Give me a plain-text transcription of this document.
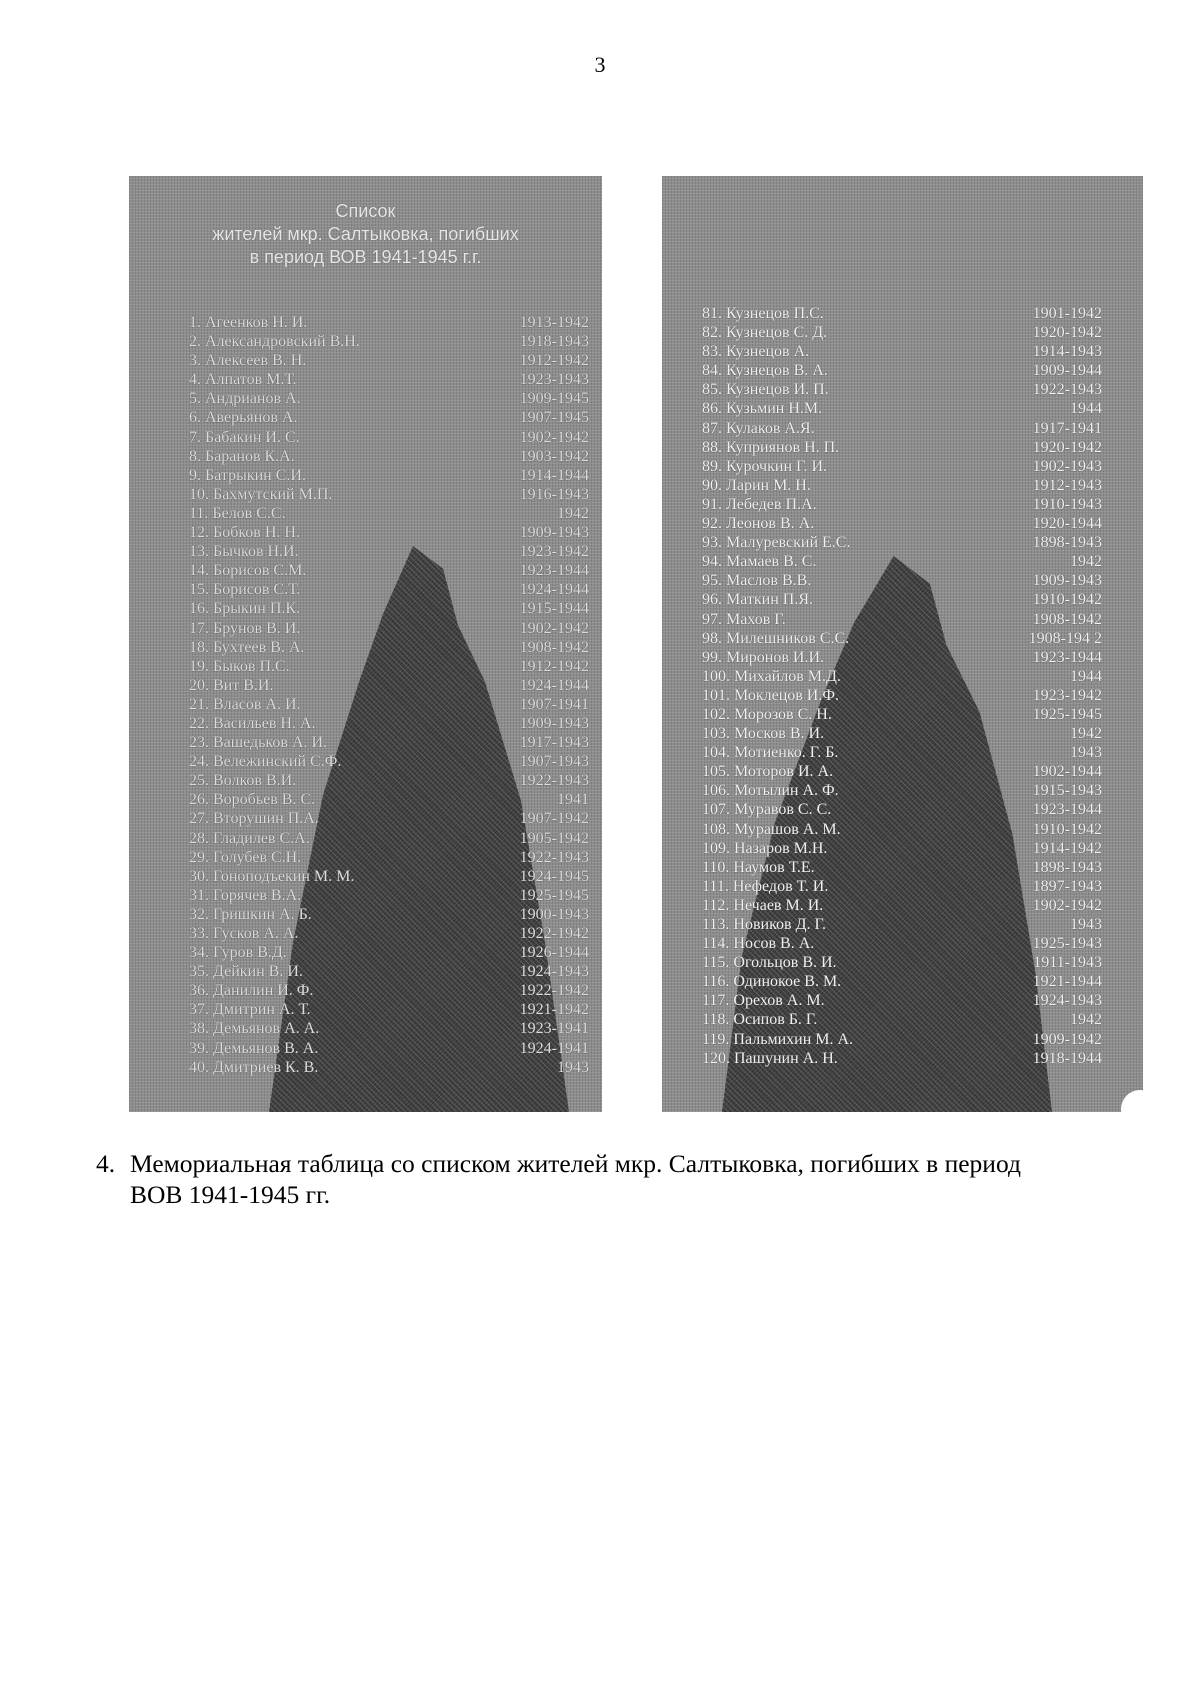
3
Список
жителей мкр. Салтыковка, погибших
в период ВОВ 1941-1945 г.г.
1. Агеенков Н. И.	1913-1942
2. Александровский В.Н.	1918-1943
3. Алексеев В. Н.	1912-1942
4. Алпатов М.Т.	1923-1943
5. Андрианов А.	1909-1945
6. Аверьянов А.	1907-1945
7. Бабакин И. С.	1902-1942
8. Баранов К.А.	1903-1942
9. Батрыкин С.И.	1914-1944
10. Бахмутский М.П.	1916-1943
11. Белов С.С.	1942
12. Бобков Н. Н.	1909-1943
13. Бычков Н.И.	1923-1942
14. Борисов С.М.	1923-1944
15. Борисов С.Т.	1924-1944
16. Брыкин П.К.	1915-1944
17. Брунов В. И.	1902-1942
18. Бухтеев В. А.	1908-1942
19. Быков П.С.	1912-1942
20. Вит В.И.	1924-1944
21. Власов А. И.	1907-1941
22. Васильев Н. А.	1909-1943
23. Вашедьков А. И.	1917-1943
24. Вележинский С.Ф.	1907-1943
25. Волков В.И.	1922-1943
26. Воробьев В. С.	1941
27. Вторушин П.А.	1907-1942
28. Гладилев С.А.	1905-1942
29. Голубев С.Н.	1922-1943
30. Гоноподъекин М. М.	1924-1945
31. Горячев В.А.	1925-1945
32. Гришкин А. Б.	1900-1943
33. Гусков А. А.	1922-1942
34. Гуров В.Д.	1926-1944
35. Дейкин В. И.	1924-1943
36. Данилин И. Ф.	1922-1942
37. Дмитрин А. Т.	1921-1942
38. Демьянов А. А.	1923-1941
39. Демьянов В. А.	1924-1941
40. Дмитриев К. В.	1943
81. Кузнецов П.С.	1901-1942
82. Кузнецов С. Д.	1920-1942
83. Кузнецов А.	1914-1943
84. Кузнецов В. А.	1909-1944
85. Кузнецов И. П.	1922-1943
86. Кузьмин Н.М.	1944
87. Кулаков А.Я.	1917-1941
88. Куприянов Н. П.	1920-1942
89. Курочкин Г. И.	1902-1943
90. Ларин М. Н.	1912-1943
91. Лебедев П.А.	1910-1943
92. Леонов В. А.	1920-1944
93. Малуревский Е.С.	1898-1943
94. Мамаев В. С.	1942
95. Маслов В.В.	1909-1943
96. Маткин П.Я.	1910-1942
97. Махов Г.	1908-1942
98. Милешников С.С.	1908-194 2
99. Миронов И.И.	1923-1944
100. Михайлов М.Д.	1944
101. Моклецов И.Ф.	1923-1942
102. Морозов С. Н.	1925-1945
103. Москов В. И.	1942
104. Мотиенко. Г. Б.	1943
105. Моторов И. А.	1902-1944
106. Мотылин А. Ф.	1915-1943
107. Муравов С. С.	1923-1944
108. Мурашов А. М.	1910-1942
109. Назаров М.Н.	1914-1942
110. Наумов Т.Е.	1898-1943
111. Нефедов Т. И.	1897-1943
112. Нечаев М. И.	1902-1942
113. Новиков Д. Г.	1943
114. Носов В. А.	1925-1943
115. Огольцов В. И.	1911-1943
116. Одинокое В. М.	1921-1944
117. Орехов А. М.	1924-1943
118. Осипов Б. Г.	1942
119. Пальмихин М. А.	1909-1942
120. Пашунин А. Н.	1918-1944
4. Мемориальная таблица со списком жителей мкр. Салтыковка, погибших в период ВОВ 1941-1945 гг.
